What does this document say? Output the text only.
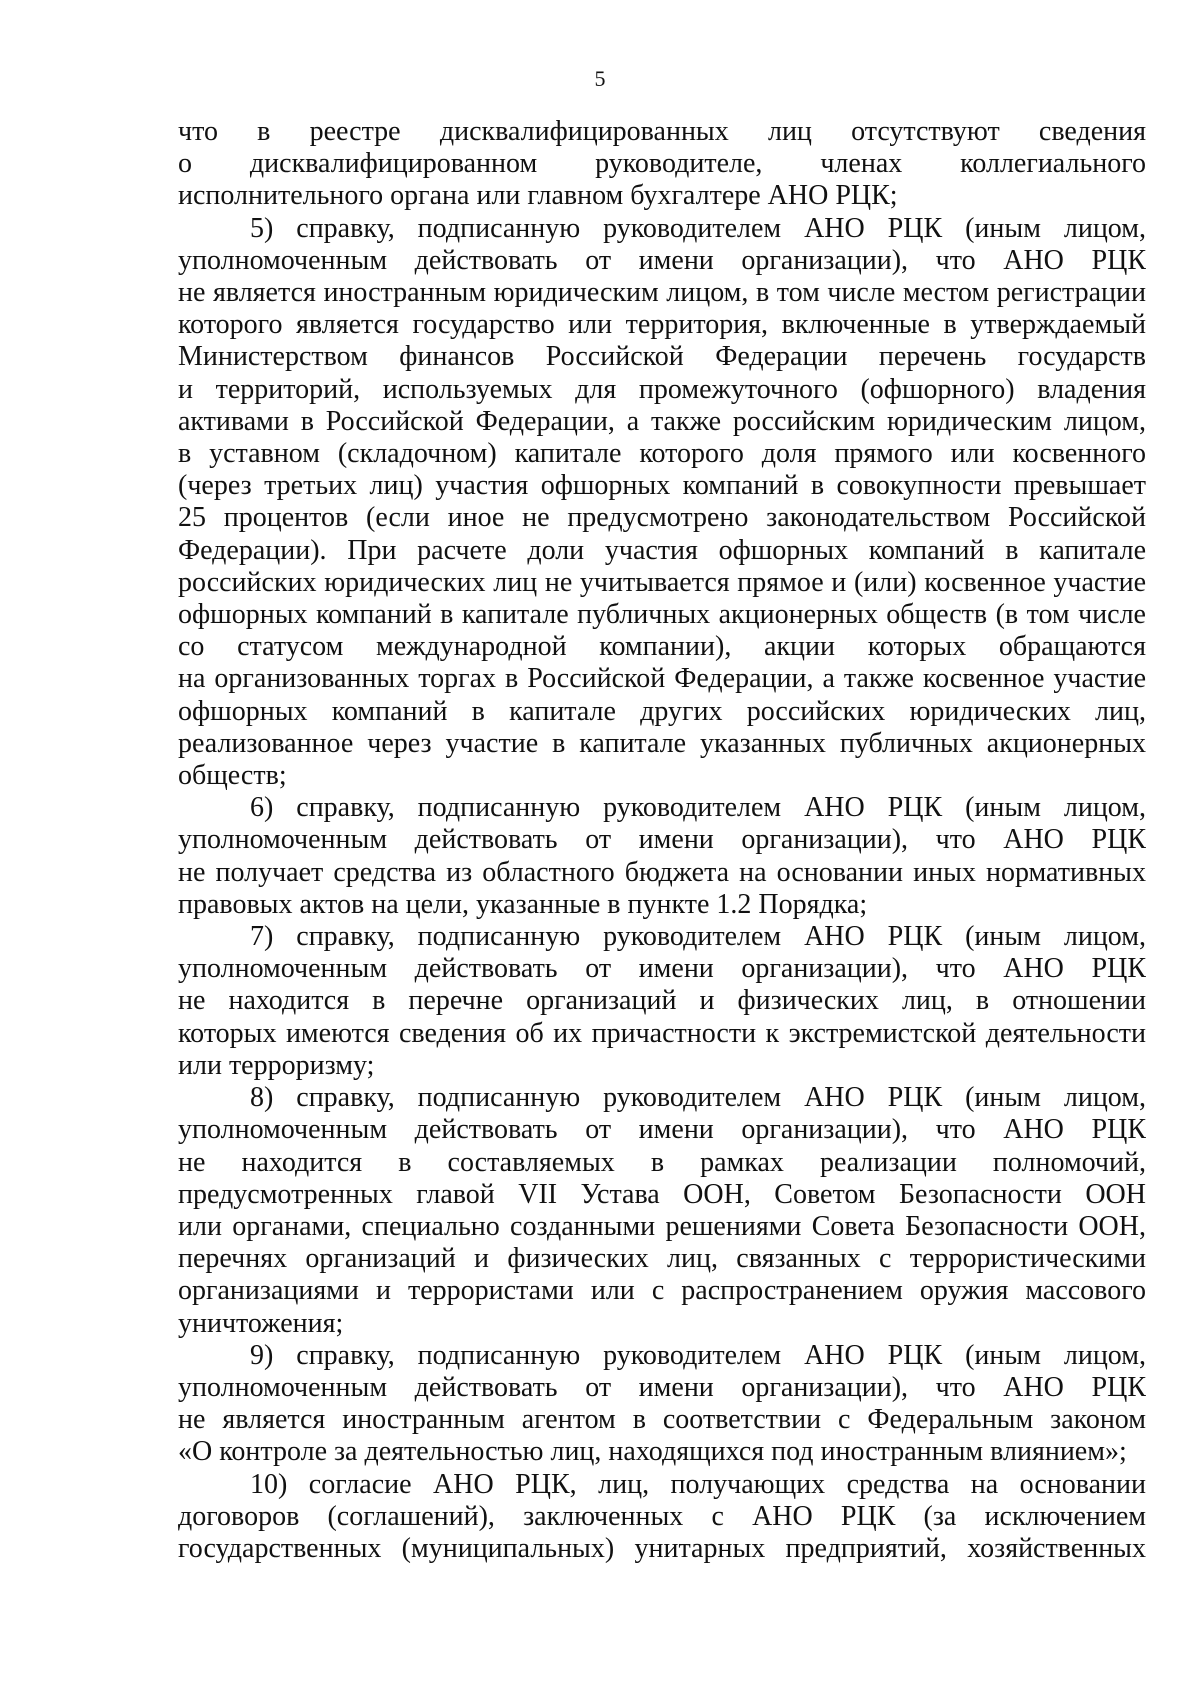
5
что в реестре дисквалифицированных лиц отсутствуют сведения
о дисквалифицированном руководителе, членах коллегиального
исполнительного органа или главном бухгалтере АНО РЦК;
5) справку, подписанную руководителем АНО РЦК (иным лицом,
уполномоченным действовать от имени организации), что АНО РЦК
не является иностранным юридическим лицом, в том числе местом регистрации
которого является государство или территория, включенные в утверждаемый
Министерством финансов Российской Федерации перечень государств
и территорий, используемых для промежуточного (офшорного) владения
активами в Российской Федерации, а также российским юридическим лицом,
в уставном (складочном) капитале которого доля прямого или косвенного
(через третьих лиц) участия офшорных компаний в совокупности превышает
25 процентов (если иное не предусмотрено законодательством Российской
Федерации). При расчете доли участия офшорных компаний в капитале
российских юридических лиц не учитывается прямое и (или) косвенное участие
офшорных компаний в капитале публичных акционерных обществ (в том числе
со статусом международной компании), акции которых обращаются
на организованных торгах в Российской Федерации, а также косвенное участие
офшорных компаний в капитале других российских юридических лиц,
реализованное через участие в капитале указанных публичных акционерных
обществ;
6) справку, подписанную руководителем АНО РЦК (иным лицом,
уполномоченным действовать от имени организации), что АНО РЦК
не получает средства из областного бюджета на основании иных нормативных
правовых актов на цели, указанные в пункте 1.2 Порядка;
7) справку, подписанную руководителем АНО РЦК (иным лицом,
уполномоченным действовать от имени организации), что АНО РЦК
не находится в перечне организаций и физических лиц, в отношении
которых имеются сведения об их причастности к экстремистской деятельности
или терроризму;
8) справку, подписанную руководителем АНО РЦК (иным лицом,
уполномоченным действовать от имени организации), что АНО РЦК
не находится в составляемых в рамках реализации полномочий,
предусмотренных главой VII Устава ООН, Советом Безопасности ООН
или органами, специально созданными решениями Совета Безопасности ООН,
перечнях организаций и физических лиц, связанных с террористическими
организациями и террористами или с распространением оружия массового
уничтожения;
9) справку, подписанную руководителем АНО РЦК (иным лицом,
уполномоченным действовать от имени организации), что АНО РЦК
не является иностранным агентом в соответствии с Федеральным законом
«О контроле за деятельностью лиц, находящихся под иностранным влиянием»;
10) согласие АНО РЦК, лиц, получающих средства на основании
договоров (соглашений), заключенных с АНО РЦК (за исключением
государственных (муниципальных) унитарных предприятий, хозяйственных
